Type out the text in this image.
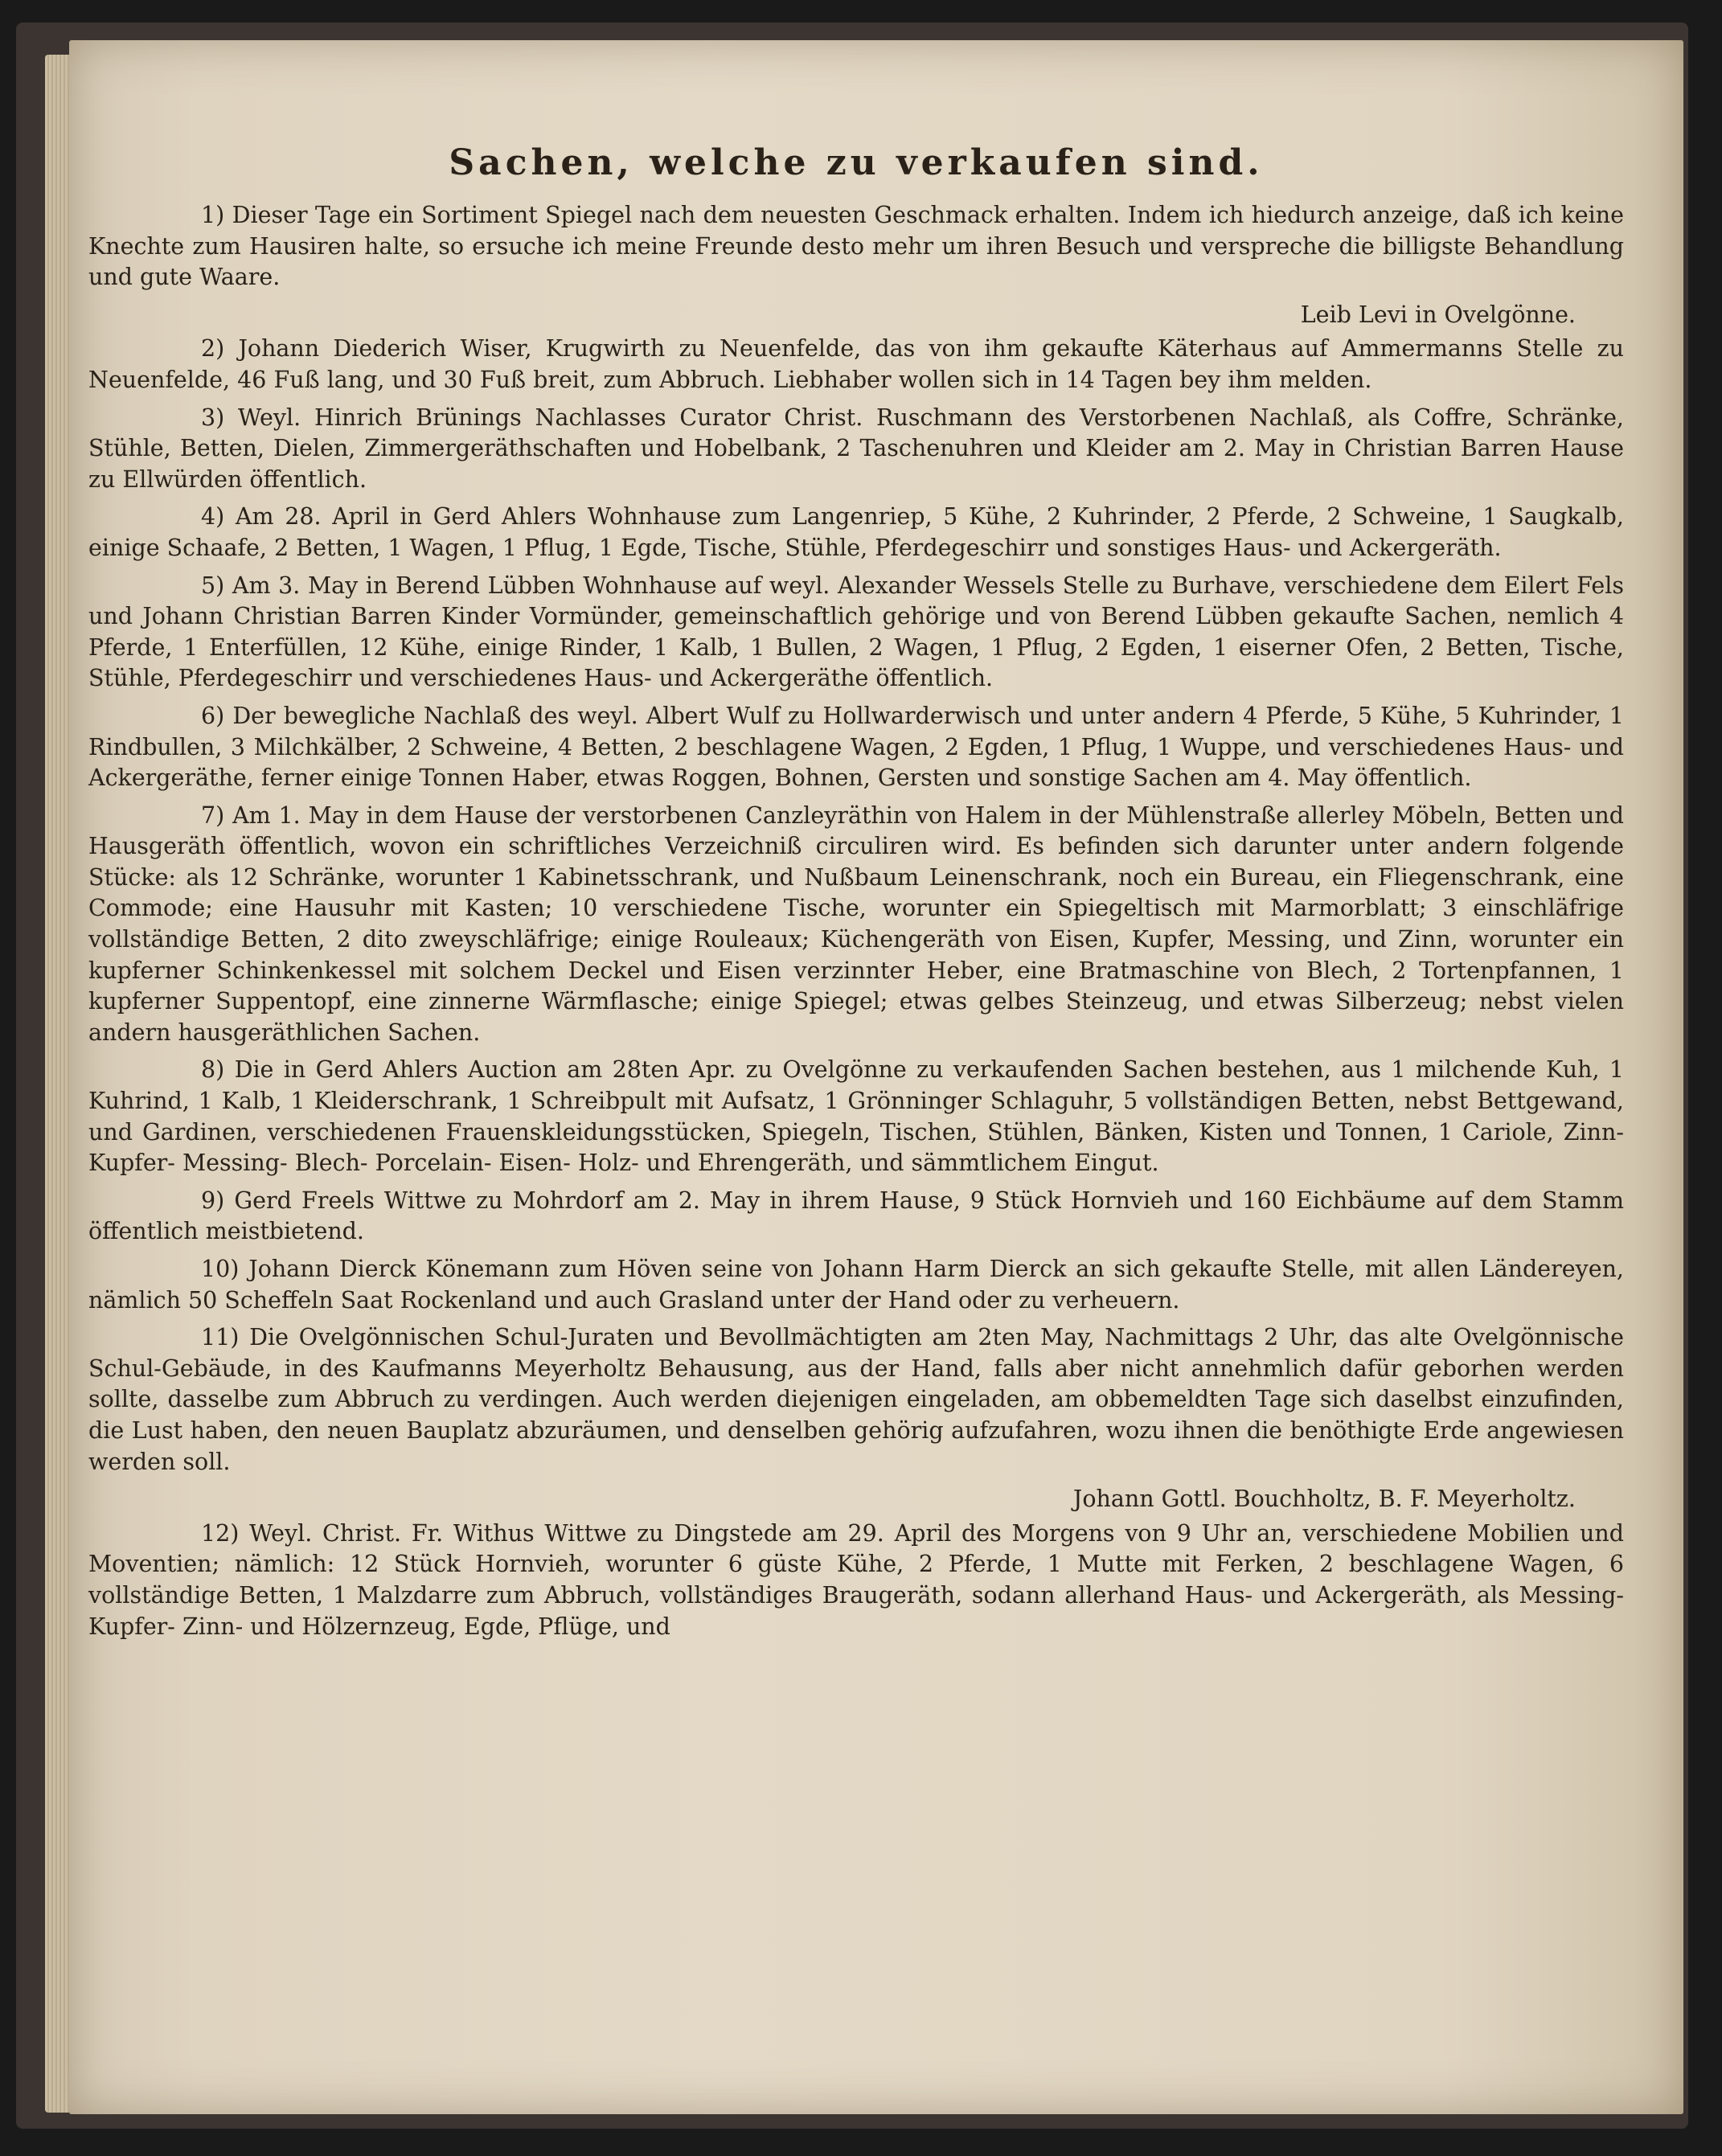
Sachen, welche zu verkaufen sind.

1) Dieser Tage ein Sortiment Spiegel nach dem neuesten Geschmack erhalten. Indem ich hiedurch anzeige, daß ich keine Knechte zum Hausiren halte, so ersuche ich meine Freunde desto mehr um ihren Besuch und verspreche die billigste Behandlung und gute Waare.

Leib Levi in Ovelgönne.

2) Johann Diederich Wiser, Krugwirth zu Neuenfelde, das von ihm gekaufte Käterhaus auf Ammermanns Stelle zu Neuenfelde, 46 Fuß lang, und 30 Fuß breit, zum Abbruch. Liebhaber wollen sich in 14 Tagen bey ihm melden.

3) Weyl. Hinrich Brünings Nachlasses Curator Christ. Ruschmann des Verstorbenen Nachlaß, als Coffre, Schränke, Stühle, Betten, Dielen, Zimmergeräthschaften und Hobelbank, 2 Taschenuhren und Kleider am 2. May in Christian Barren Hause zu Ellwürden öffentlich.

4) Am 28. April in Gerd Ahlers Wohnhause zum Langenriep, 5 Kühe, 2 Kuhrinder, 2 Pferde, 2 Schweine, 1 Saugkalb, einige Schaafe, 2 Betten, 1 Wagen, 1 Pflug, 1 Egde, Tische, Stühle, Pferdegeschirr und sonstiges Haus- und Ackergeräth.

5) Am 3. May in Berend Lübben Wohnhause auf weyl. Alexander Wessels Stelle zu Burhave, verschiedene dem Eilert Fels und Johann Christian Barren Kinder Vormünder, gemeinschaftlich gehörige und von Berend Lübben gekaufte Sachen, nemlich 4 Pferde, 1 Enterfüllen, 12 Kühe, einige Rinder, 1 Kalb, 1 Bullen, 2 Wagen, 1 Pflug, 2 Egden, 1 eiserner Ofen, 2 Betten, Tische, Stühle, Pferdegeschirr und verschiedenes Haus- und Ackergeräthe öffentlich.

6) Der bewegliche Nachlaß des weyl. Albert Wulf zu Hollwarderwisch und unter andern 4 Pferde, 5 Kühe, 5 Kuhrinder, 1 Rindbullen, 3 Milchkälber, 2 Schweine, 4 Betten, 2 beschlagene Wagen, 2 Egden, 1 Pflug, 1 Wuppe, und verschiedenes Haus- und Ackergeräthe, ferner einige Tonnen Haber, etwas Roggen, Bohnen, Gersten und sonstige Sachen am 4. May öffentlich.

7) Am 1. May in dem Hause der verstorbenen Canzleyräthin von Halem in der Mühlenstraße allerley Möbeln, Betten und Hausgeräth öffentlich, wovon ein schriftliches Verzeichniß circuliren wird. Es befinden sich darunter unter andern folgende Stücke: als 12 Schränke, worunter 1 Kabinetsschrank, und Nußbaum Leinenschrank, noch ein Bureau, ein Fliegenschrank, eine Commode; eine Hausuhr mit Kasten; 10 verschiedene Tische, worunter ein Spiegeltisch mit Marmorblatt; 3 einschläfrige vollständige Betten, 2 dito zweyschläfrige; einige Rouleaux; Küchengeräth von Eisen, Kupfer, Messing, und Zinn, worunter ein kupferner Schinkenkessel mit solchem Deckel und Eisen verzinnter Heber, eine Bratmaschine von Blech, 2 Tortenpfannen, 1 kupferner Suppentopf, eine zinnerne Wärmflasche; einige Spiegel; etwas gelbes Steinzeug, und etwas Silberzeug; nebst vielen andern hausgeräthlichen Sachen.

8) Die in Gerd Ahlers Auction am 28ten Apr. zu Ovelgönne zu verkaufenden Sachen bestehen, aus 1 milchende Kuh, 1 Kuhrind, 1 Kalb, 1 Kleiderschrank, 1 Schreibpult mit Aufsatz, 1 Grönninger Schlaguhr, 5 vollständigen Betten, nebst Bettgewand, und Gardinen, verschiedenen Frauenskleidungsstücken, Spiegeln, Tischen, Stühlen, Bänken, Kisten und Tonnen, 1 Cariole, Zinn- Kupfer- Messing- Blech- Porcelain- Eisen- Holz- und Ehrengeräth, und sämmtlichem Eingut.

9) Gerd Freels Wittwe zu Mohrdorf am 2. May in ihrem Hause, 9 Stück Hornvieh und 160 Eichbäume auf dem Stamm öffentlich meistbietend.

10) Johann Dierck Könemann zum Höven seine von Johann Harm Dierck an sich gekaufte Stelle, mit allen Ländereyen, nämlich 50 Scheffeln Saat Rockenland und auch Grasland unter der Hand oder zu verheuern.

11) Die Ovelgönnischen Schul-Juraten und Bevollmächtigten am 2ten May, Nachmittags 2 Uhr, das alte Ovelgönnische Schul-Gebäude, in des Kaufmanns Meyerholtz Behausung, aus der Hand, falls aber nicht annehmlich dafür geborhen werden sollte, dasselbe zum Abbruch zu verdingen. Auch werden diejenigen eingeladen, am obbemeldten Tage sich daselbst einzufinden, die Lust haben, den neuen Bauplatz abzuräumen, und denselben gehörig aufzufahren, wozu ihnen die benöthigte Erde angewiesen werden soll.

Johann Gottl. Bouchholtz, B. F. Meyerholtz.

12) Weyl. Christ. Fr. Withus Wittwe zu Dingstede am 29. April des Morgens von 9 Uhr an, verschiedene Mobilien und Moventien; nämlich: 12 Stück Hornvieh, worunter 6 güste Kühe, 2 Pferde, 1 Mutte mit Ferken, 2 beschlagene Wagen, 6 vollständige Betten, 1 Malzdarre zum Abbruch, vollständiges Braugeräth, sodann allerhand Haus- und Ackergeräth, als Messing- Kupfer- Zinn- und Hölzernzeug, Egde, Pflüge, und
